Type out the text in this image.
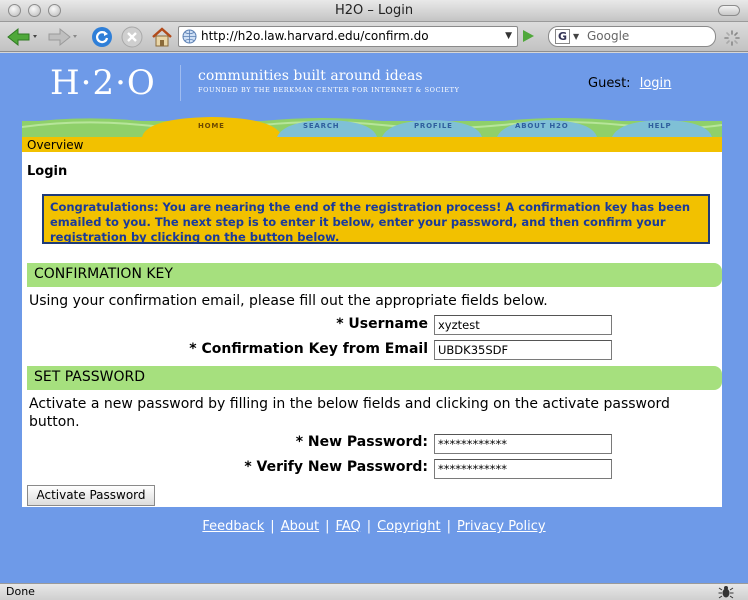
H2O – Login
http://h2o.law.harvard.edu/confirm.do	▼	G ▼ Google
H·2·O	communities built around ideas
FOUNDED BY THE BERKMAN CENTER FOR INTERNET & SOCIETY	Guest: login
HOME	SEARCH	PROFILE	ABOUT H2O	HELP
Overview
Login
Congratulations: You are nearing the end of the registration process! A confirmation key has been emailed to you. The next step is to enter it below, enter your password, and then confirm your registration by clicking on the button below.
CONFIRMATION KEY
Using your confirmation email, please fill out the appropriate fields below.
* Username xyztest
* Confirmation Key from Email UBDK35SDF
SET PASSWORD
Activate a new password by filling in the below fields and clicking on the activate password button.
* New Password: ************
* Verify New Password: ************
Activate Password
Feedback | About | FAQ | Copyright | Privacy Policy
Done
